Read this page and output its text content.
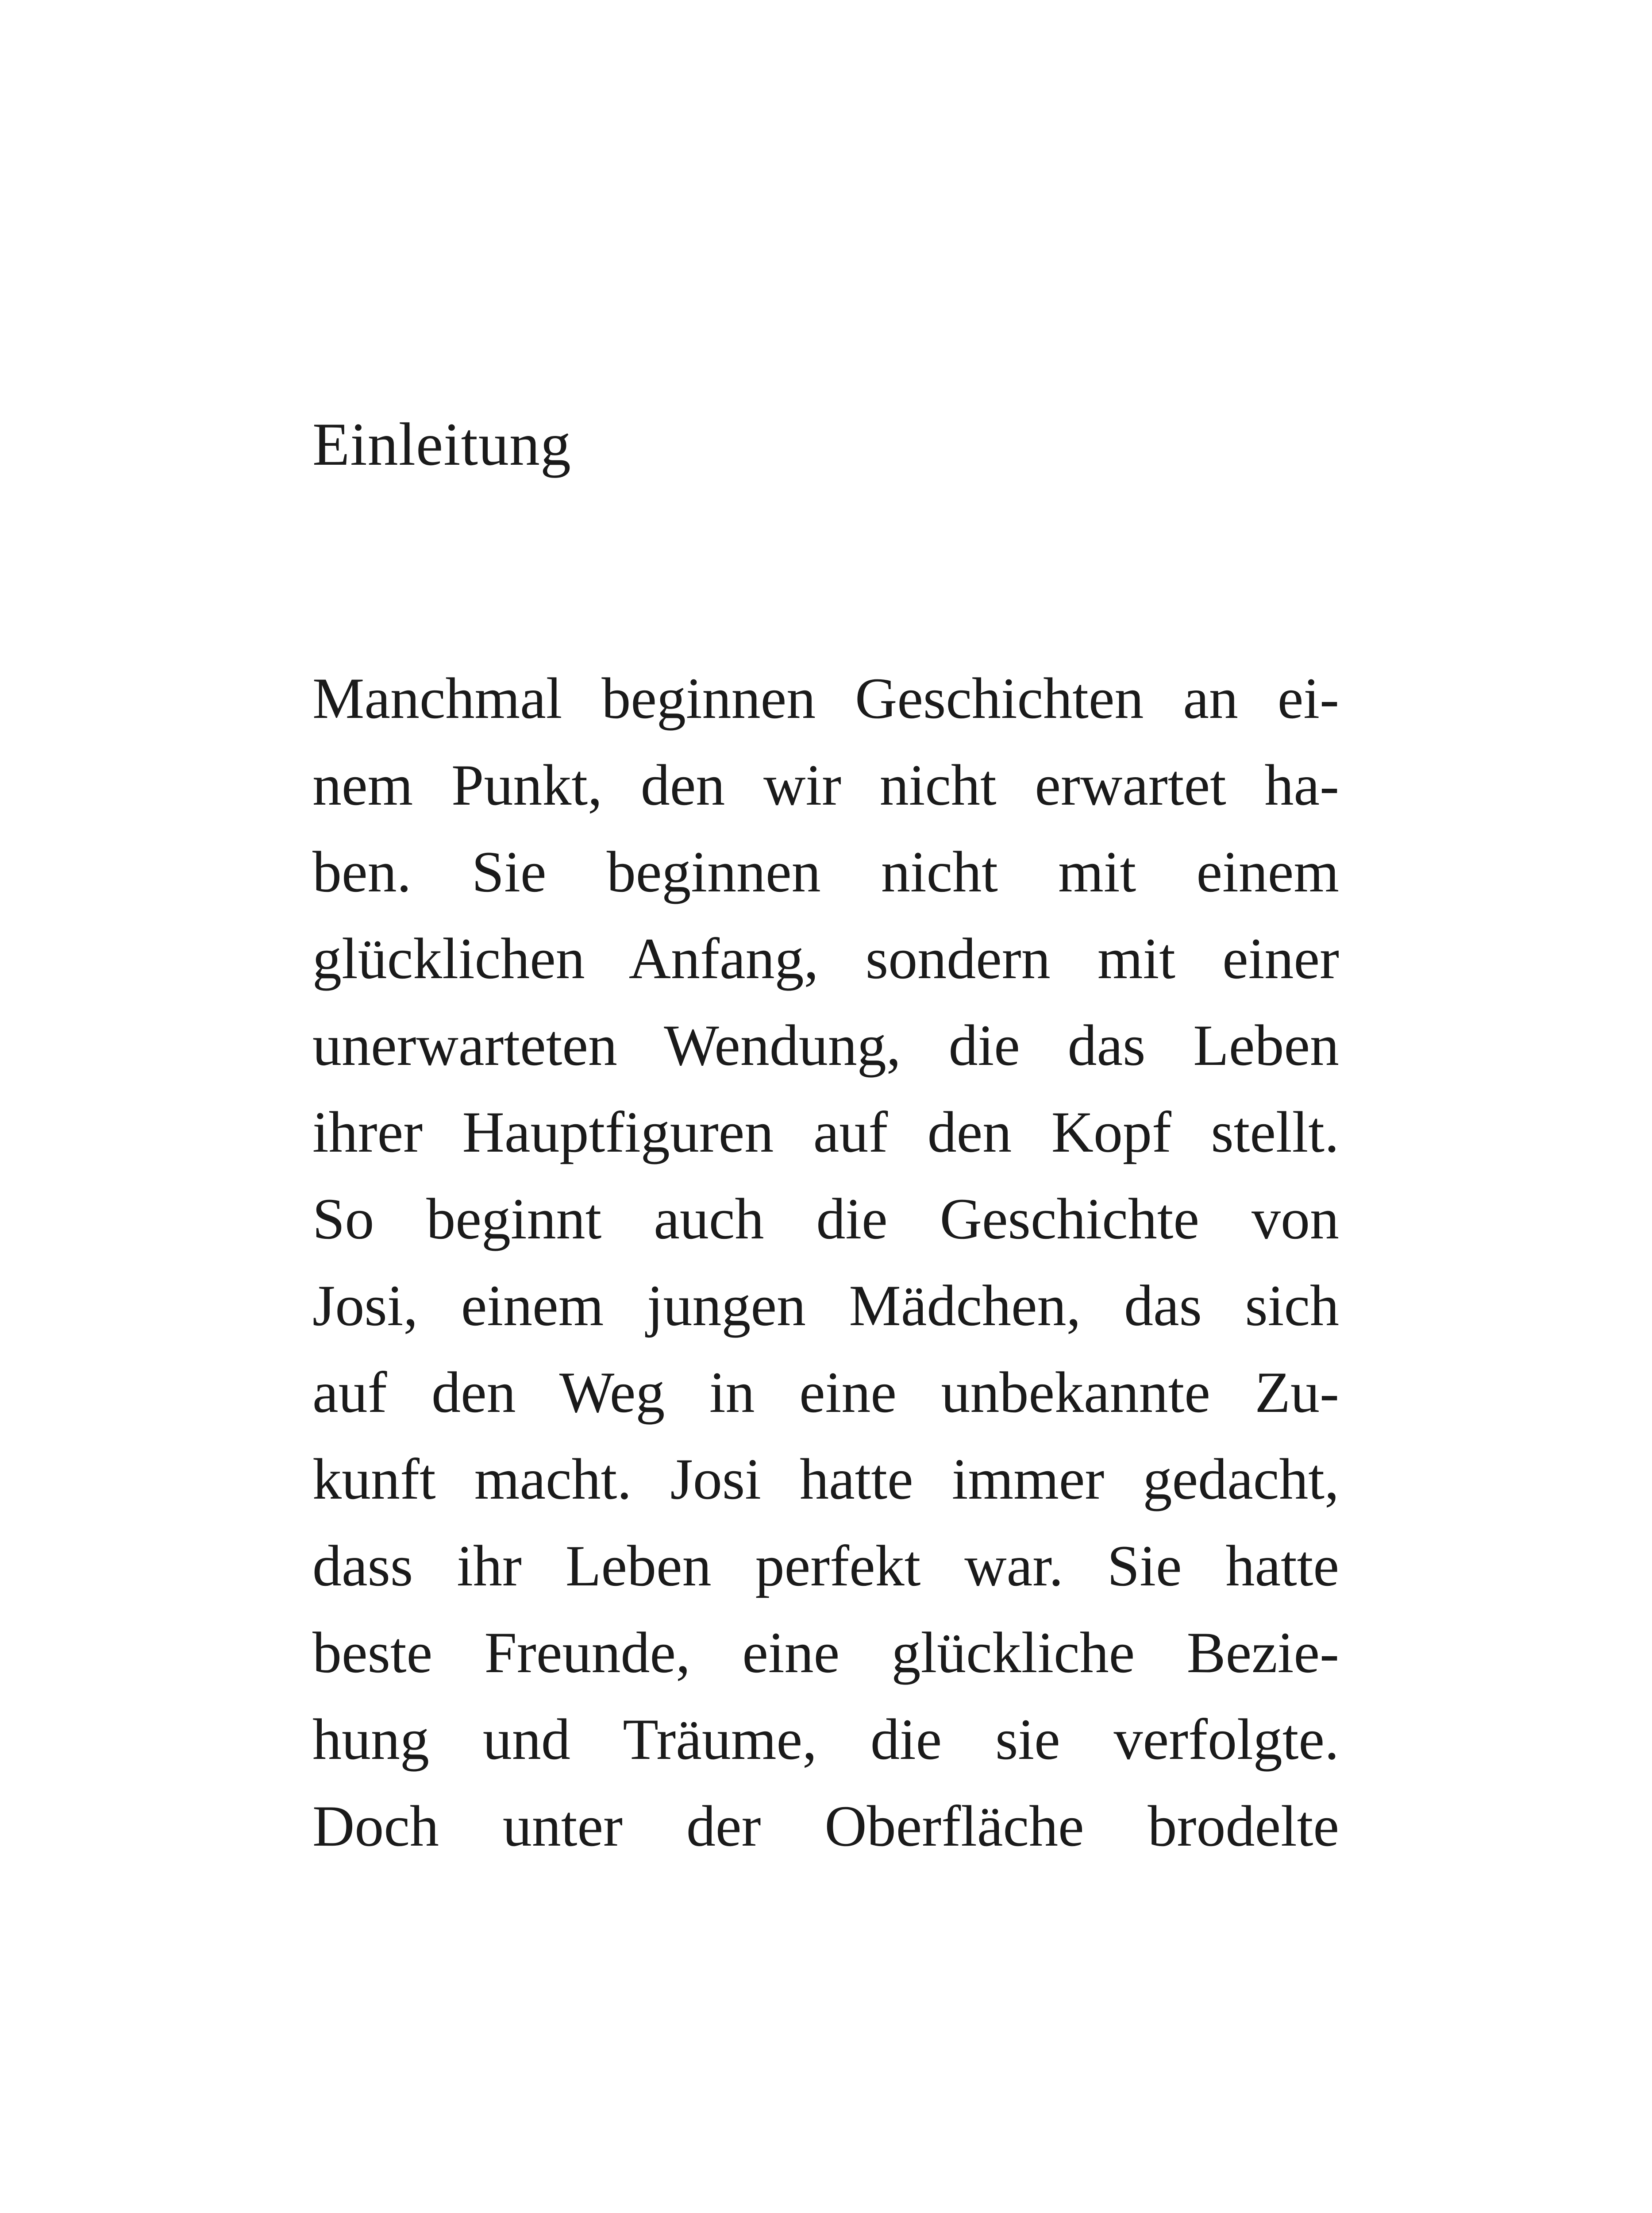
Einleitung
Manchmal beginnen Geschichten an ei-
nem Punkt, den wir nicht erwartet ha-
ben. Sie beginnen nicht mit einem
glücklichen Anfang, sondern mit einer
unerwarteten Wendung, die das Leben
ihrer Hauptfiguren auf den Kopf stellt.
So beginnt auch die Geschichte von
Josi, einem jungen Mädchen, das sich
auf den Weg in eine unbekannte Zu-
kunft macht. Josi hatte immer gedacht,
dass ihr Leben perfekt war. Sie hatte
beste Freunde, eine glückliche Bezie-
hung und Träume, die sie verfolgte.
Doch unter der Oberfläche brodelte
